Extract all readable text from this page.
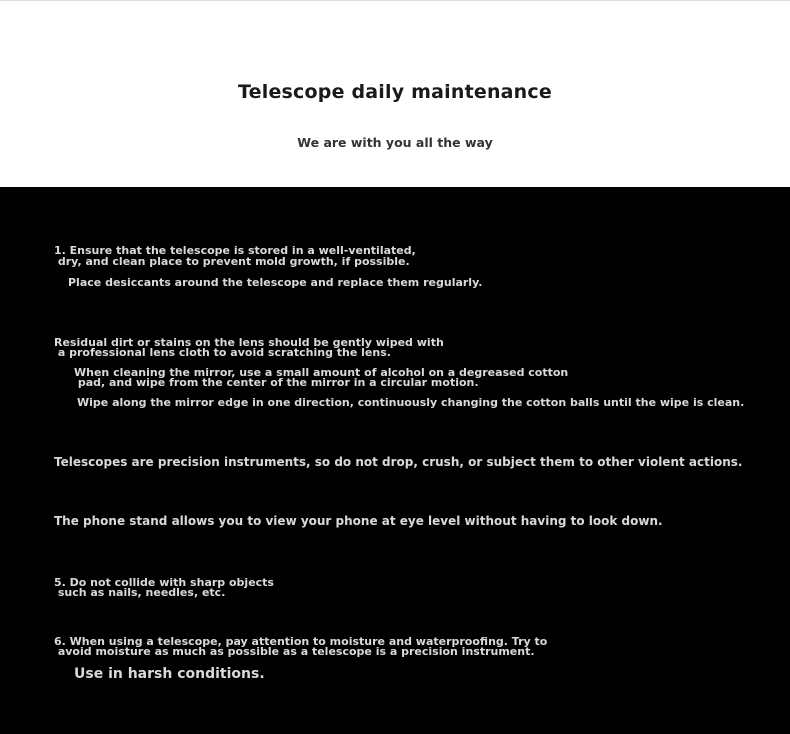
Telescope daily maintenance
We are with you all the way
1. Ensure that the telescope is stored in a well-ventilated,
dry, and clean place to prevent mold growth, if possible.
Place desiccants around the telescope and replace them regularly.
Residual dirt or stains on the lens should be gently wiped with
a professional lens cloth to avoid scratching the lens.
When cleaning the mirror, use a small amount of alcohol on a degreased cotton
pad, and wipe from the center of the mirror in a circular motion.
Wipe along the mirror edge in one direction, continuously changing the cotton balls until the wipe is clean.
Telescopes are precision instruments, so do not drop, crush, or subject them to other violent actions.
The phone stand allows you to view your phone at eye level without having to look down.
5. Do not collide with sharp objects
such as nails, needles, etc.
6. When using a telescope, pay attention to moisture and waterproofing. Try to
avoid moisture as much as possible as a telescope is a precision instrument.
Use in harsh conditions.
